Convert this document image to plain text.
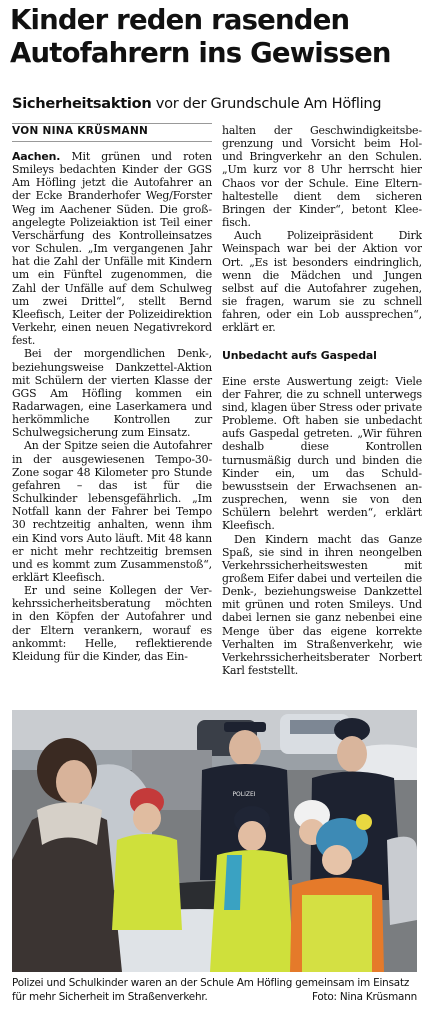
Kinder reden rasenden
Autofahrern ins Gewissen
Sicherheitsaktion vor der Grundschule Am Höfling
VON NINA KRÜSMANN

Aachen. Mit grünen und roten Smileys bedachten Kinder der GGS Am Höfling jetzt die Autofahrer an der Ecke Branderhofer Weg/Forster Weg im Aachener Süden. Die großangelegte Polizeiaktion ist Teil einer Verschärfung des Kontrolleinsatzes vor Schulen. „Im vergangenen Jahr hat die Zahl der Unfälle mit Kindern um ein Fünftel zugenommen, die Zahl der Unfälle auf dem Schulweg um zwei Drittel“, stellt Bernd Kleefisch, Leiter der Polizeidirektion Verkehr, einen neuen Negativrekord fest.

Bei der morgendlichen Denk-, beziehungsweise Dankzettel-Aktion mit Schülern der vierten Klasse der GGS Am Höfling kommen ein Radarwagen, eine Laserkamera und herkömmliche Kontrollen zur Schulwegsicherung zum Einsatz.

An der Spitze seien die Autofahrer in der ausgewiesenen Tempo-30-Zone sogar 48 Kilometer pro Stunde gefahren – das ist für die Schulkinder lebensgefährlich. „Im Notfall kann der Fahrer bei Tempo 30 rechtzeitig anhalten, wenn ihm ein Kind vors Auto läuft. Mit 48 kann er nicht mehr rechtzeitig bremsen und es kommt zum Zusammenstoß“, erklärt Kleefisch.

Er und seine Kollegen der Verkehrssicherheitsberatung möchten in den Köpfen der Autofahrer und der Eltern verankern, worauf es ankommt: Helle, reflektierende Kleidung für die Kinder, das Ein-

halten der Geschwindigkeitsbegrenzung und Vorsicht beim Hol- und Bringverkehr an den Schulen. „Um kurz vor 8 Uhr herrscht hier Chaos vor der Schule. Eine Elternhaltestelle dient dem sicheren Bringen der Kinder“, betont Kleefisch.

Auch Polizeipräsident Dirk Weinspach war bei der Aktion vor Ort. „Es ist besonders eindringlich, wenn die Mädchen und Jungen selbst auf die Autofahrer zugehen, sie fragen, warum sie zu schnell fahren, oder ein Lob aussprechen“, erklärt er.

Unbedacht aufs Gaspedal

Eine erste Auswertung zeigt: Viele der Fahrer, die zu schnell unterwegs sind, klagen über Stress oder private Probleme. Oft haben sie unbedacht aufs Gaspedal getreten. „Wir führen deshalb diese Kontrollen turnusmäßig durch und binden die Kinder ein, um das Schuldbewusstsein der Erwachsenen anzusprechen, wenn sie von den Schülern belehrt werden“, erklärt Kleefisch.

Den Kindern macht das Ganze Spaß, sie sind in ihren neongelben Verkehrssicherheitswesten mit großem Eifer dabei und verteilen die Denk-, beziehungsweise Dankzettel mit grünen und roten Smileys. Und dabei lernen sie ganz nebenbei eine Menge über das eigene korrekte Verhalten im Straßenverkehr, wie Verkehrssicherheitsberater Norbert Karl feststellt.

POLIZEI
Polizei und Schulkinder waren an der Schule Am Höfling gemeinsam im Einsatz für mehr Sicherheit im Straßenverkehr.	Foto: Nina Krüsmann
